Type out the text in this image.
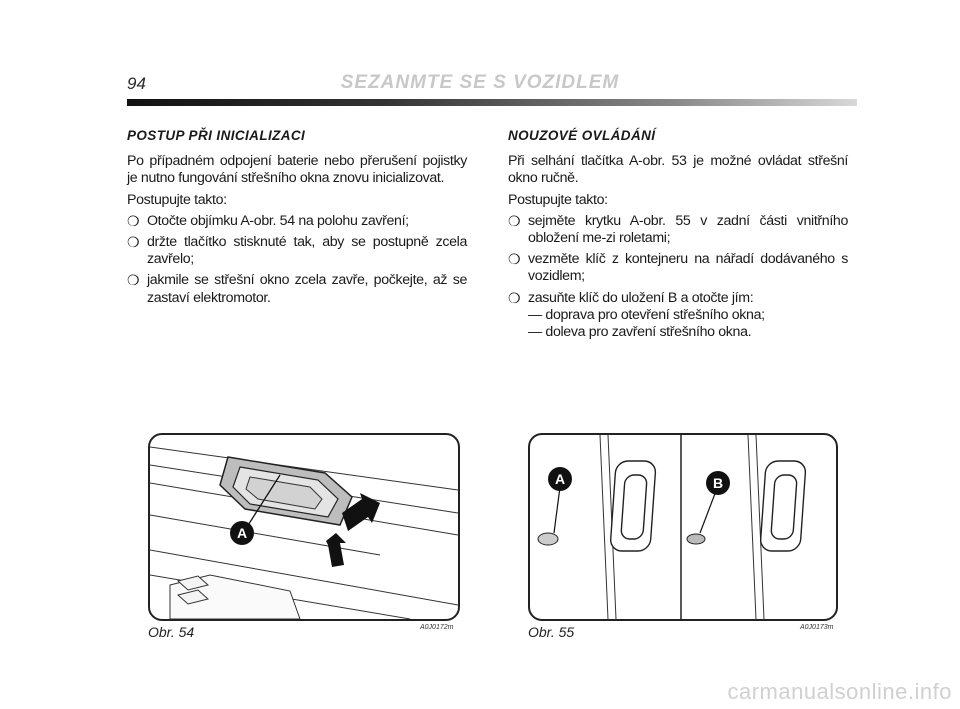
94	SEZANMTE SE S VOZIDLEM
POSTUP PŘI INICIALIZACI

Po případném odpojení baterie nebo přerušení pojistky je nutno fungování střešního okna znovu inicializovat.

Postupujte takto:

❍ Otočte objímku A-obr. 54 na polohu zavření;
❍ držte tlačítko stisknuté tak, aby se postupně zcela zavřelo;
❍ jakmile se střešní okno zcela zavře, počkejte, až se zastaví elektromotor.
NOUZOVÉ OVLÁDÁNÍ

Při selhání tlačítka A-obr. 53 je možné ovládat střešní okno ručně.

Postupujte takto:

❍ sejměte krytku A-obr. 55 v zadní části vnitřního obložení me-zi roletami;
❍ vezměte klíč z kontejneru na nářadí dodávaného s vozidlem;
❍ zasuňte klíč do uložení B a otočte jím:
— doprava pro otevření střešního okna;
— doleva pro zavření střešního okna.
A
Obr. 54	A0J0172m
A	B
Obr. 55	A0J0173m
carmanualsonline.info
